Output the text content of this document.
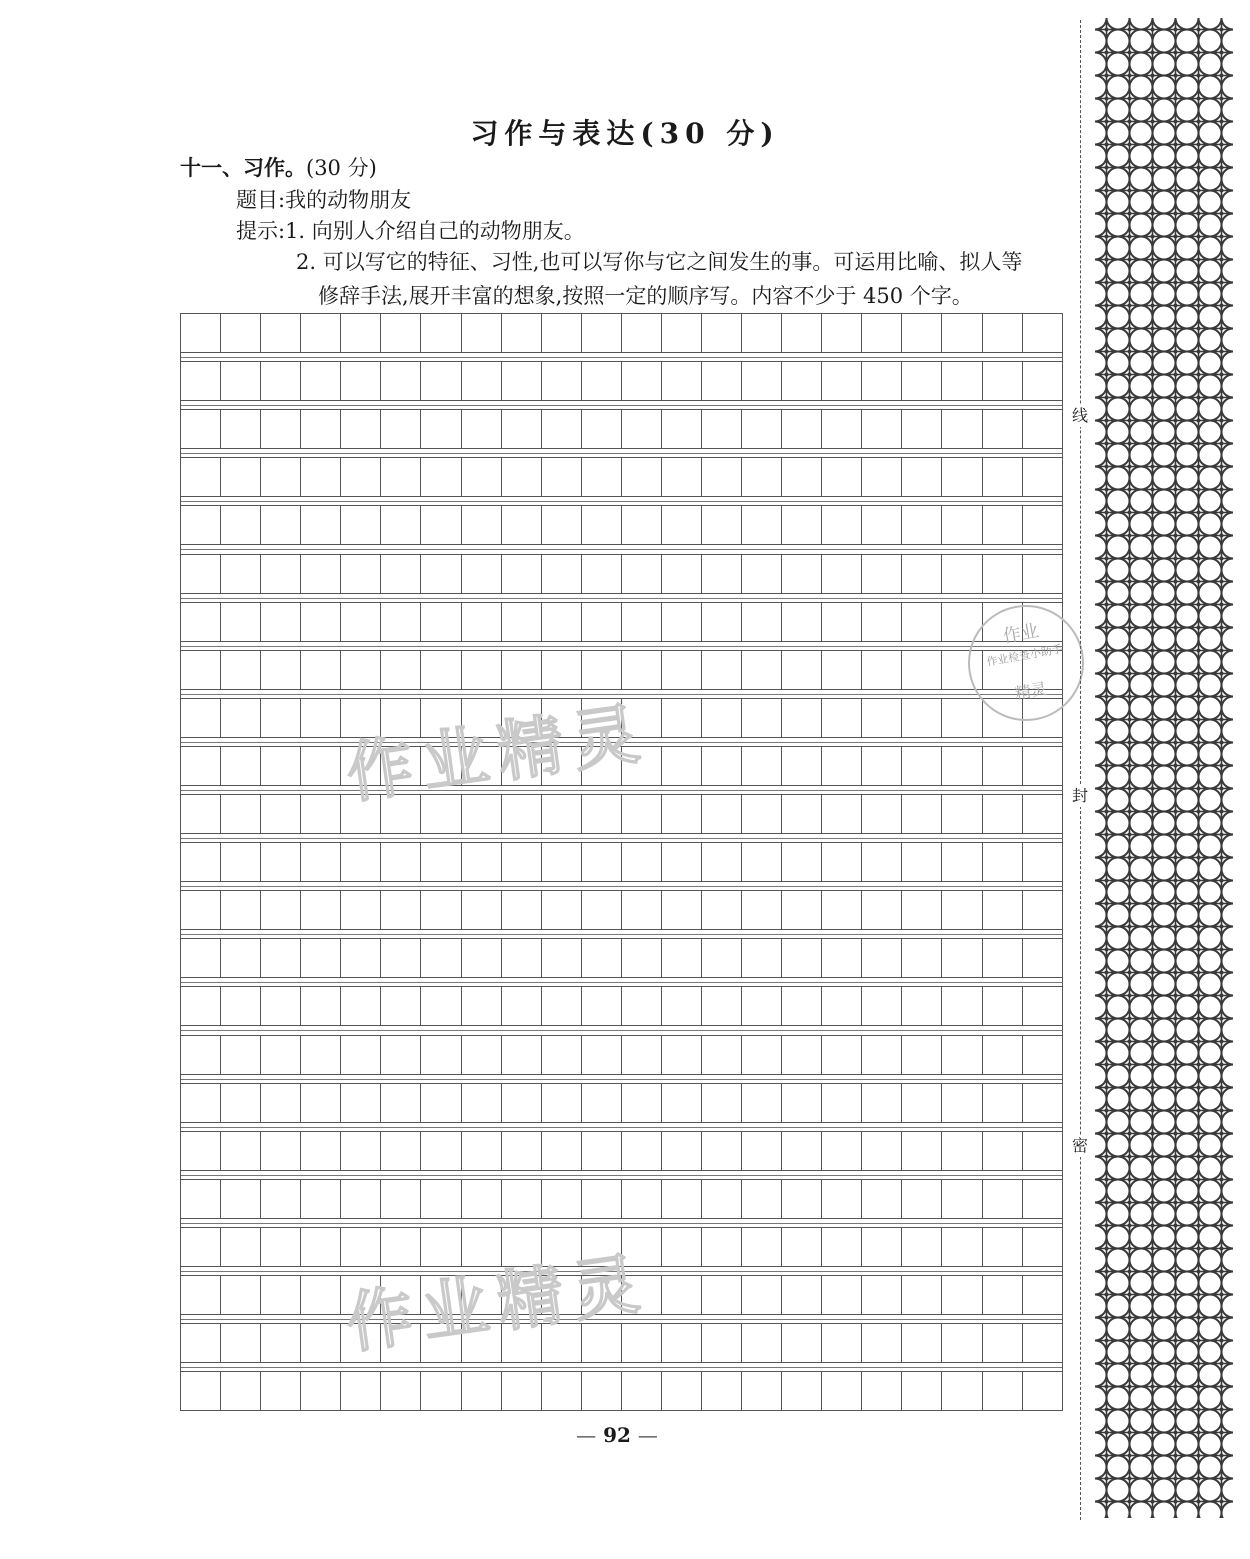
习作与表达(30 分)
十一、习作。(30 分)
题目:我的动物朋友
提示:1. 向别人介绍自己的动物朋友。
2. 可以写它的特征、习性,也可以写你与它之间发生的事。可运用比喻、拟人等
修辞手法,展开丰富的想象,按照一定的顺序写。内容不少于 450 个字。
作业精灵
作业精灵
作业
作业检查小助手
精灵
— 92 —
线
封
密
